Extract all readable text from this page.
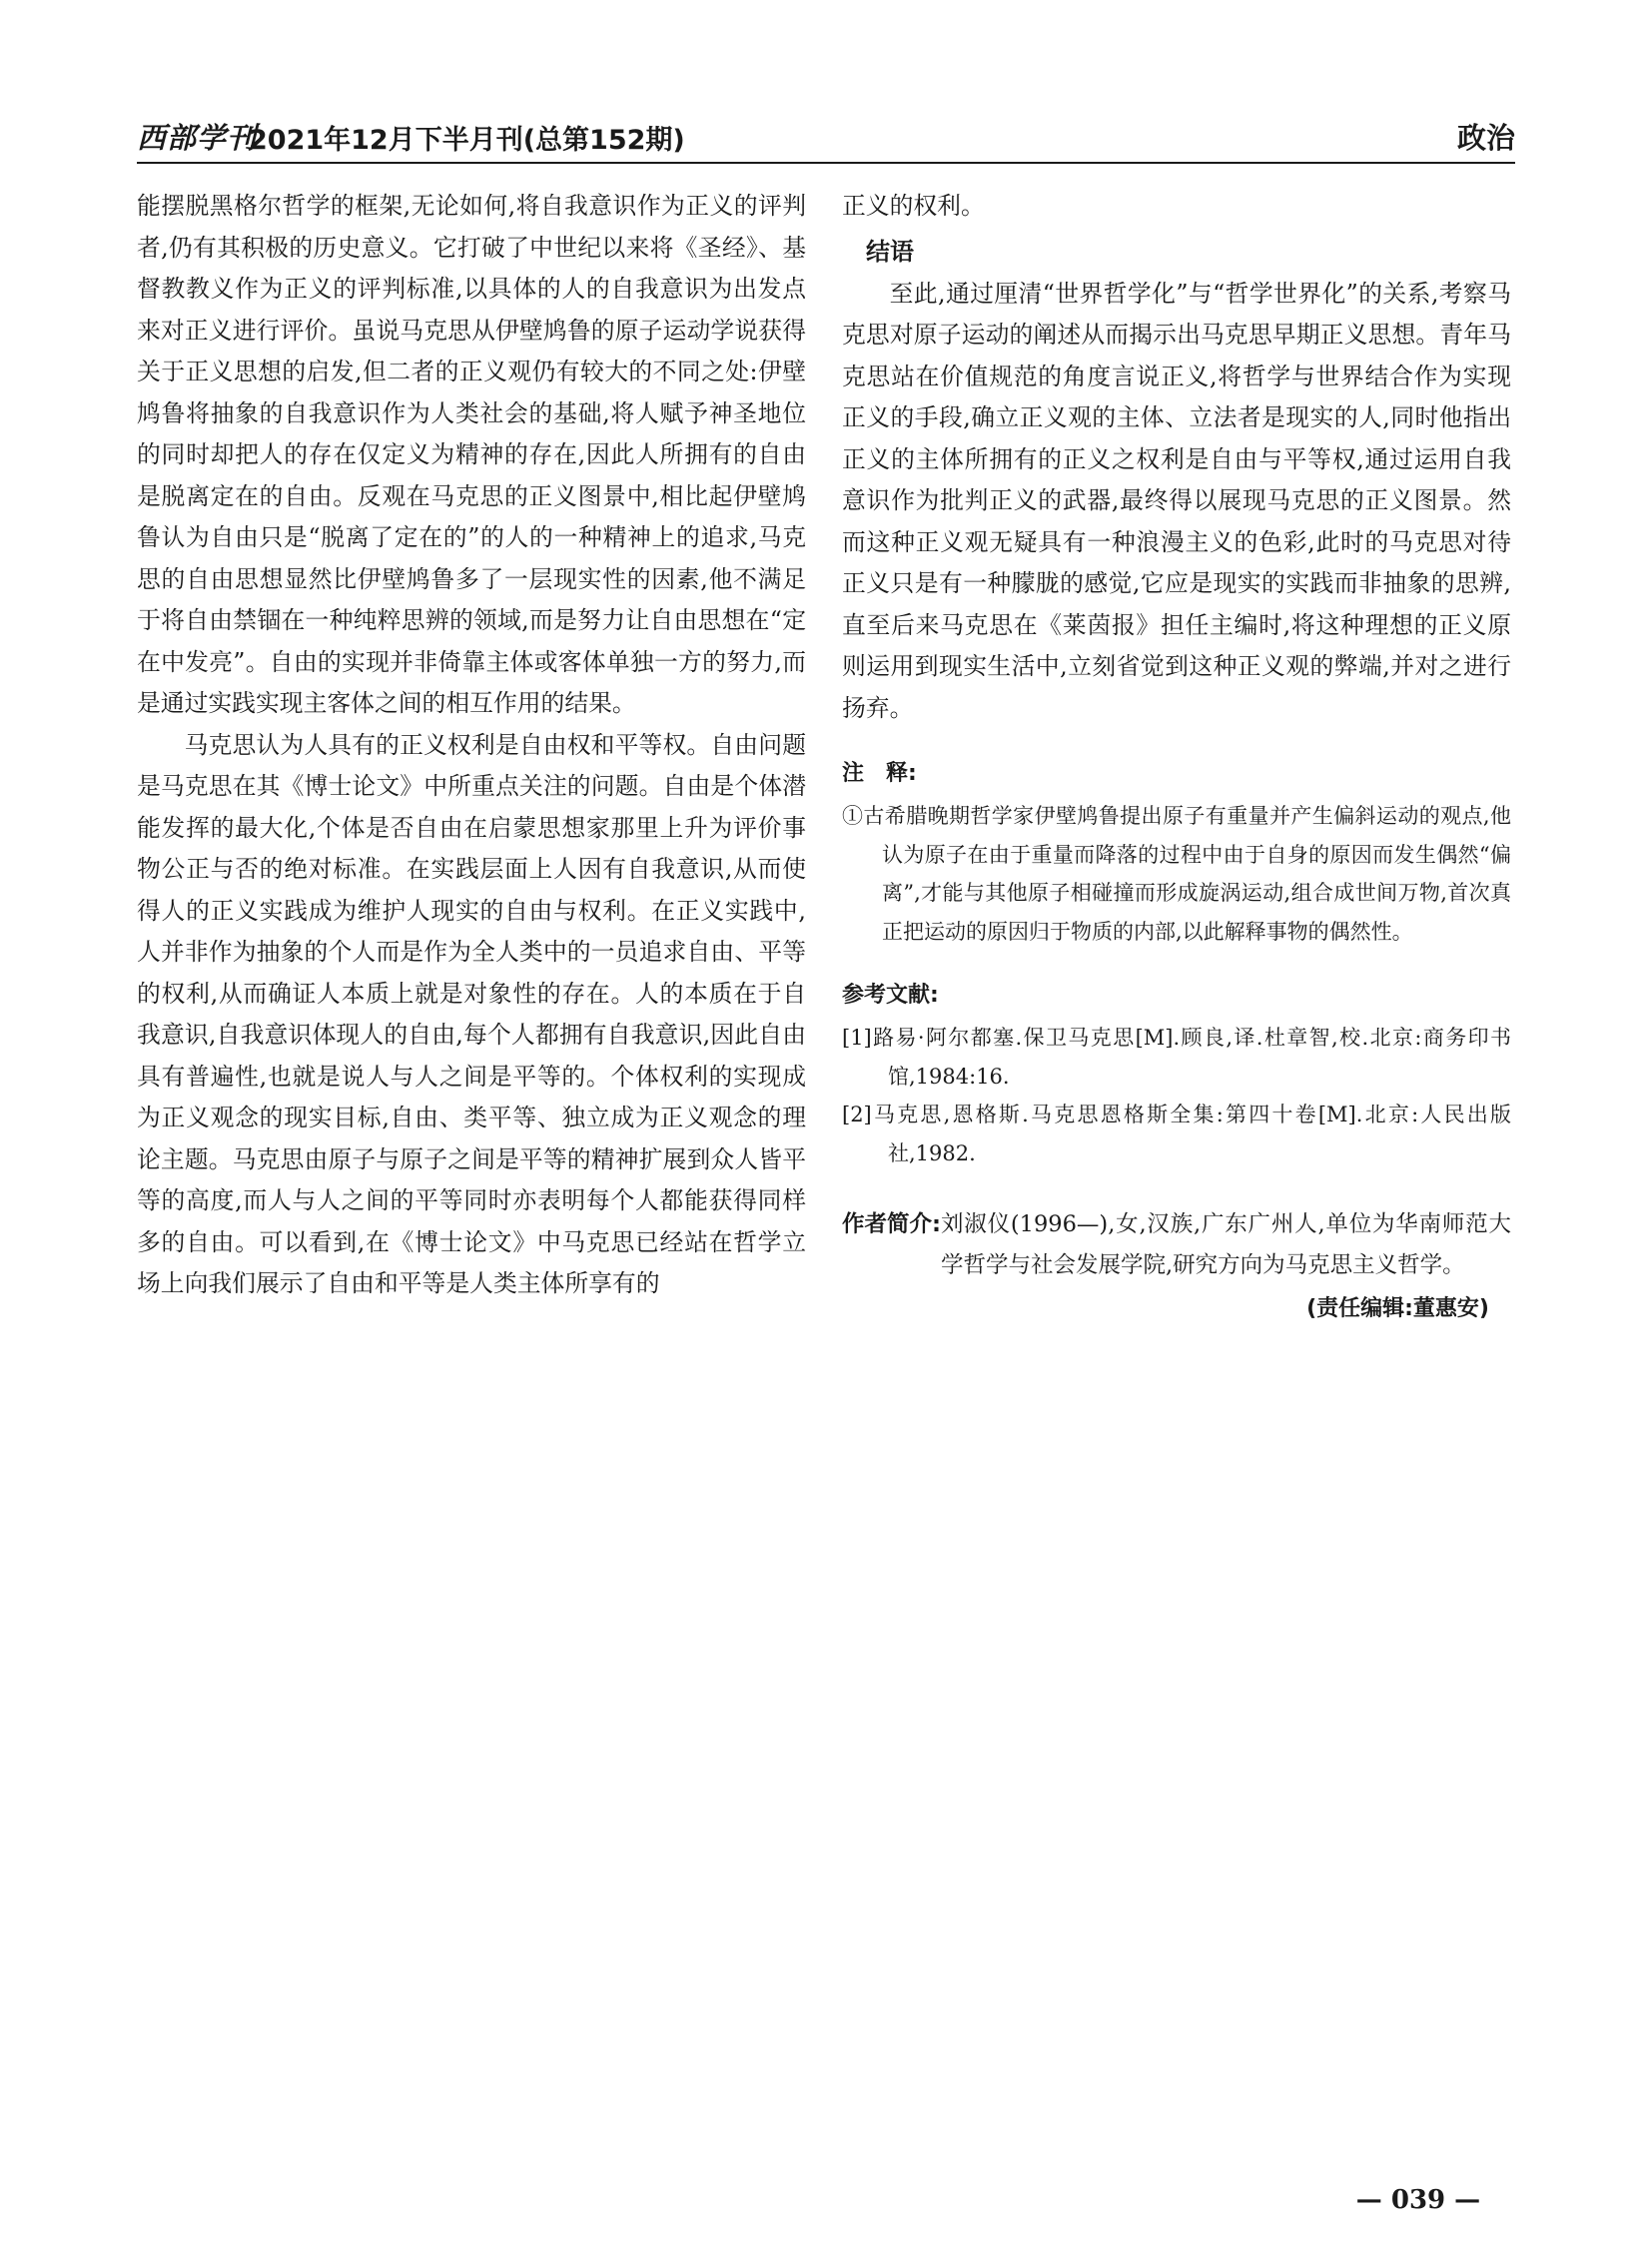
西部学刊
2021年12月下半月刊(总第152期)	政治

能摆脱黑格尔哲学的框架,无论如何,将自我意识作为正义的评判者,仍有其积极的历史意义。它打破了中世纪以来将《圣经》、基督教教义作为正义的评判标准,以具体的人的自我意识为出发点来对正义进行评价。虽说马克思从伊壁鸠鲁的原子运动学说获得关于正义思想的启发,但二者的正义观仍有较大的不同之处:伊壁鸠鲁将抽象的自我意识作为人类社会的基础,将人赋予神圣地位的同时却把人的存在仅定义为精神的存在,因此人所拥有的自由是脱离定在的自由。反观在马克思的正义图景中,相比起伊壁鸠鲁认为自由只是“脱离了定在的”的人的一种精神上的追求,马克思的自由思想显然比伊壁鸠鲁多了一层现实性的因素,他不满足于将自由禁锢在一种纯粹思辨的领域,而是努力让自由思想在“定在中发亮”。自由的实现并非倚靠主体或客体单独一方的努力,而是通过实践实现主客体之间的相互作用的结果。

马克思认为人具有的正义权利是自由权和平等权。自由问题是马克思在其《博士论文》中所重点关注的问题。自由是个体潜能发挥的最大化,个体是否自由在启蒙思想家那里上升为评价事物公正与否的绝对标准。在实践层面上人因有自我意识,从而使得人的正义实践成为维护人现实的自由与权利。在正义实践中,人并非作为抽象的个人而是作为全人类中的一员追求自由、平等的权利,从而确证人本质上就是对象性的存在。人的本质在于自我意识,自我意识体现人的自由,每个人都拥有自我意识,因此自由具有普遍性,也就是说人与人之间是平等的。个体权利的实现成为正义观念的现实目标,自由、类平等、独立成为正义观念的理论主题。马克思由原子与原子之间是平等的精神扩展到众人皆平等的高度,而人与人之间的平等同时亦表明每个人都能获得同样多的自由。可以看到,在《博士论文》中马克思已经站在哲学立场上向我们展示了自由和平等是人类主体所享有的

正义的权利。

结语

至此,通过厘清“世界哲学化”与“哲学世界化”的关系,考察马克思对原子运动的阐述从而揭示出马克思早期正义思想。青年马克思站在价值规范的角度言说正义,将哲学与世界结合作为实现正义的手段,确立正义观的主体、立法者是现实的人,同时他指出正义的主体所拥有的正义之权利是自由与平等权,通过运用自我意识作为批判正义的武器,最终得以展现马克思的正义图景。然而这种正义观无疑具有一种浪漫主义的色彩,此时的马克思对待正义只是有一种朦胧的感觉,它应是现实的实践而非抽象的思辨,直至后来马克思在《莱茵报》担任主编时,将这种理想的正义原则运用到现实生活中,立刻省觉到这种正义观的弊端,并对之进行扬弃。

注　释:

①古希腊晚期哲学家伊壁鸠鲁提出原子有重量并产生偏斜运动的观点,他认为原子在由于重量而降落的过程中由于自身的原因而发生偶然“偏离”,才能与其他原子相碰撞而形成旋涡运动,组合成世间万物,首次真正把运动的原因归于物质的内部,以此解释事物的偶然性。

参考文献:
[1]路易·阿尔都塞.保卫马克思[M].顾良,译.杜章智,校.北京:商务印书馆,1984:16.
[2]马克思,恩格斯.马克思恩格斯全集:第四十卷[M].北京:人民出版社,1982.
作者简介: 刘淑仪(1996—),女,汉族,广东广州人,单位为华南师范大学哲学与社会发展学院,研究方向为马克思主义哲学。
(责任编辑:董惠安)
— 039 —
